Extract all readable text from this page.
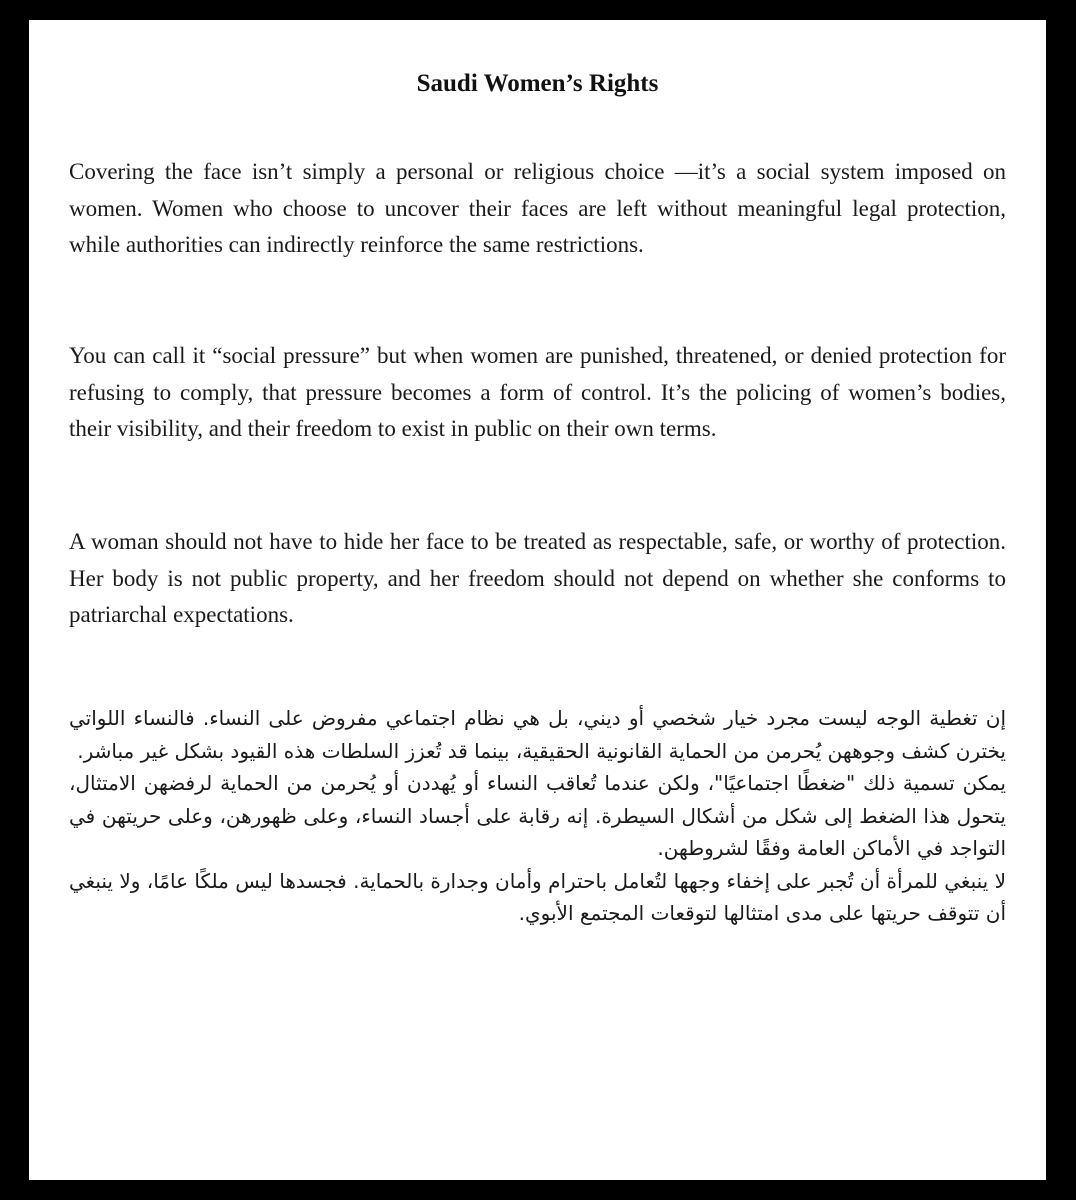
Saudi Women’s Rights

Covering the face isn’t simply a personal or religious choice —it’s a social system imposed on women. Women who choose to uncover their faces are left without meaningful legal protection, while authorities can indirectly reinforce the same restrictions.

You can call it “social pressure” but when women are punished, threatened, or denied protection for refusing to comply, that pressure becomes a form of control. It’s the policing of women’s bodies, their visibility, and their freedom to exist in public on their own terms.

A woman should not have to hide her face to be treated as respectable, safe, or worthy of protection. Her body is not public property, and her freedom should not depend on whether she conforms to patriarchal expectations.

إن تغطية الوجه ليست مجرد خيار شخصي أو ديني، بل هي نظام اجتماعي مفروض على النساء. فالنساء اللواتي يخترن كشف وجوههن يُحرمن من الحماية القانونية الحقيقية، بينما قد تُعزز السلطات هذه القيود بشكل غير مباشر.

يمكن تسمية ذلك "ضغطًا اجتماعيًا"، ولكن عندما تُعاقب النساء أو يُهددن أو يُحرمن من الحماية لرفضهن الامتثال، يتحول هذا الضغط إلى شكل من أشكال السيطرة. إنه رقابة على أجساد النساء، وعلى ظهورهن، وعلى حريتهن في التواجد في الأماكن العامة وفقًا لشروطهن.

لا ينبغي للمرأة أن تُجبر على إخفاء وجهها لتُعامل باحترام وأمان وجدارة بالحماية. فجسدها ليس ملكًا عامًا، ولا ينبغي أن تتوقف حريتها على مدى امتثالها لتوقعات المجتمع الأبوي.
